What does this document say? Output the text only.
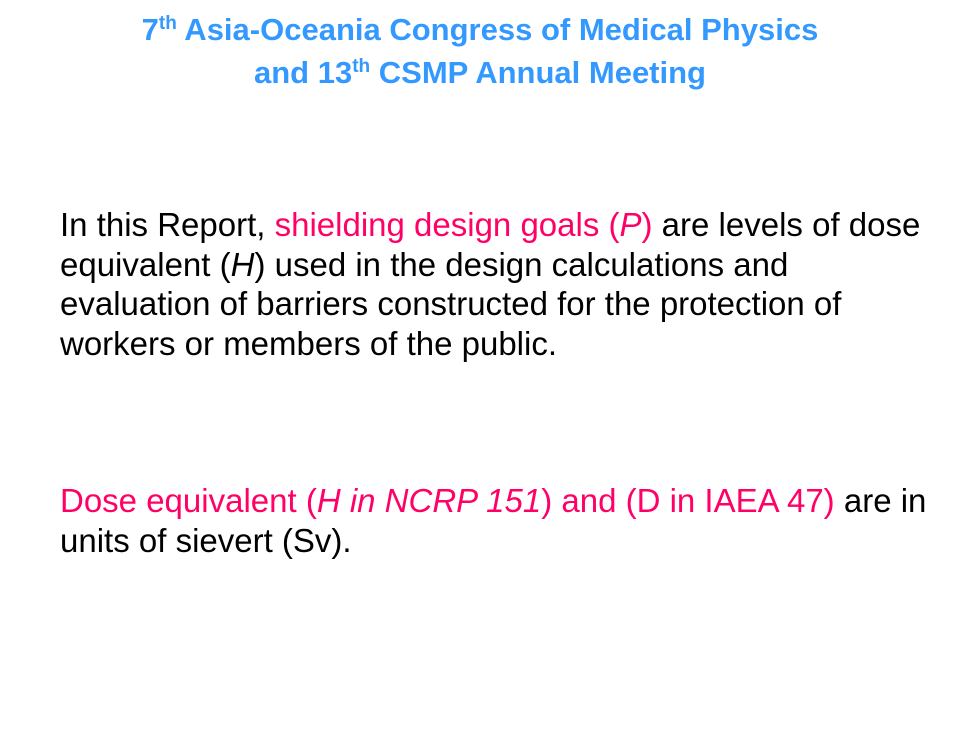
7th Asia-Oceania Congress of Medical Physics
and 13th CSMP Annual Meeting
In this Report, shielding design goals (P) are levels of dose equivalent (H) used in the design calculations and evaluation of barriers constructed for the protection of workers or members of the public.
Dose equivalent (H in NCRP 151) and (D in IAEA 47) are in units of sievert (Sv).
